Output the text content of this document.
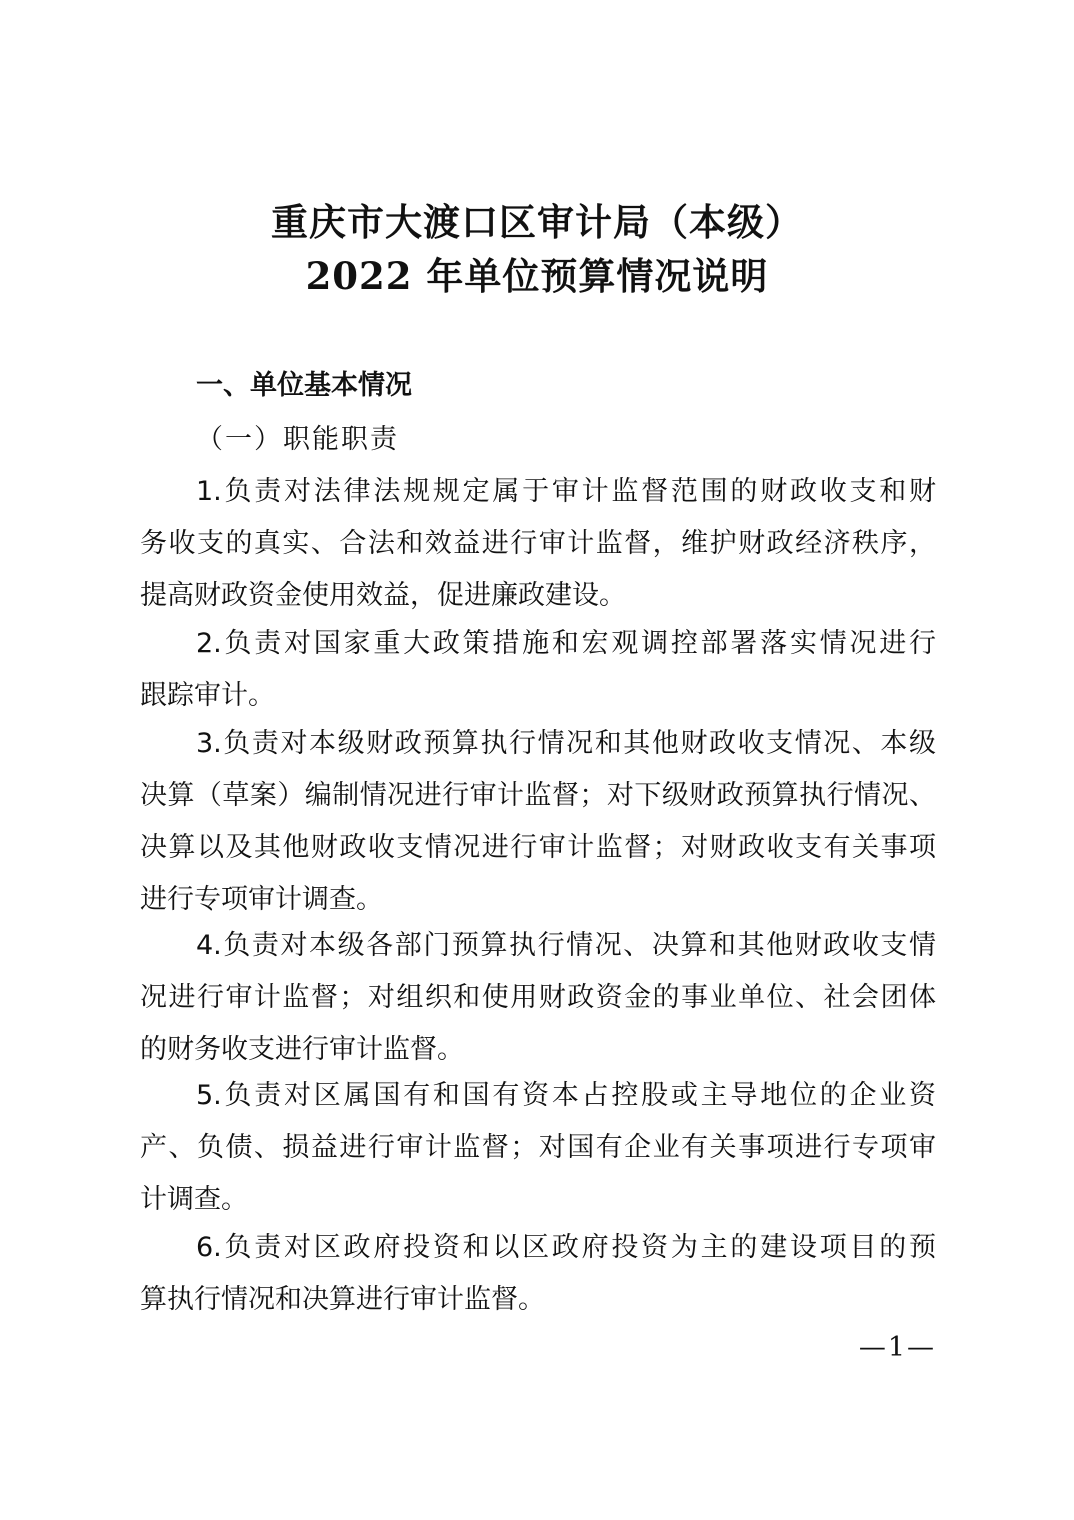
重庆市大渡口区审计局（本级）
2022 年单位预算情况说明
一、单位基本情况
（一）职能职责
1.负责对法律法规规定属于审计监督范围的财政收支和财
务收支的真实、合法和效益进行审计监督，维护财政经济秩序，
提高财政资金使用效益，促进廉政建设。
2.负责对国家重大政策措施和宏观调控部署落实情况进行
跟踪审计。
3.负责对本级财政预算执行情况和其他财政收支情况、本级
决算（草案）编制情况进行审计监督；对下级财政预算执行情况、
决算以及其他财政收支情况进行审计监督；对财政收支有关事项
进行专项审计调查。
4.负责对本级各部门预算执行情况、决算和其他财政收支情
况进行审计监督；对组织和使用财政资金的事业单位、社会团体
的财务收支进行审计监督。
5.负责对区属国有和国有资本占控股或主导地位的企业资
产、负债、损益进行审计监督；对国有企业有关事项进行专项审
计调查。
6.负责对区政府投资和以区政府投资为主的建设项目的预
算执行情况和决算进行审计监督。
—1—
